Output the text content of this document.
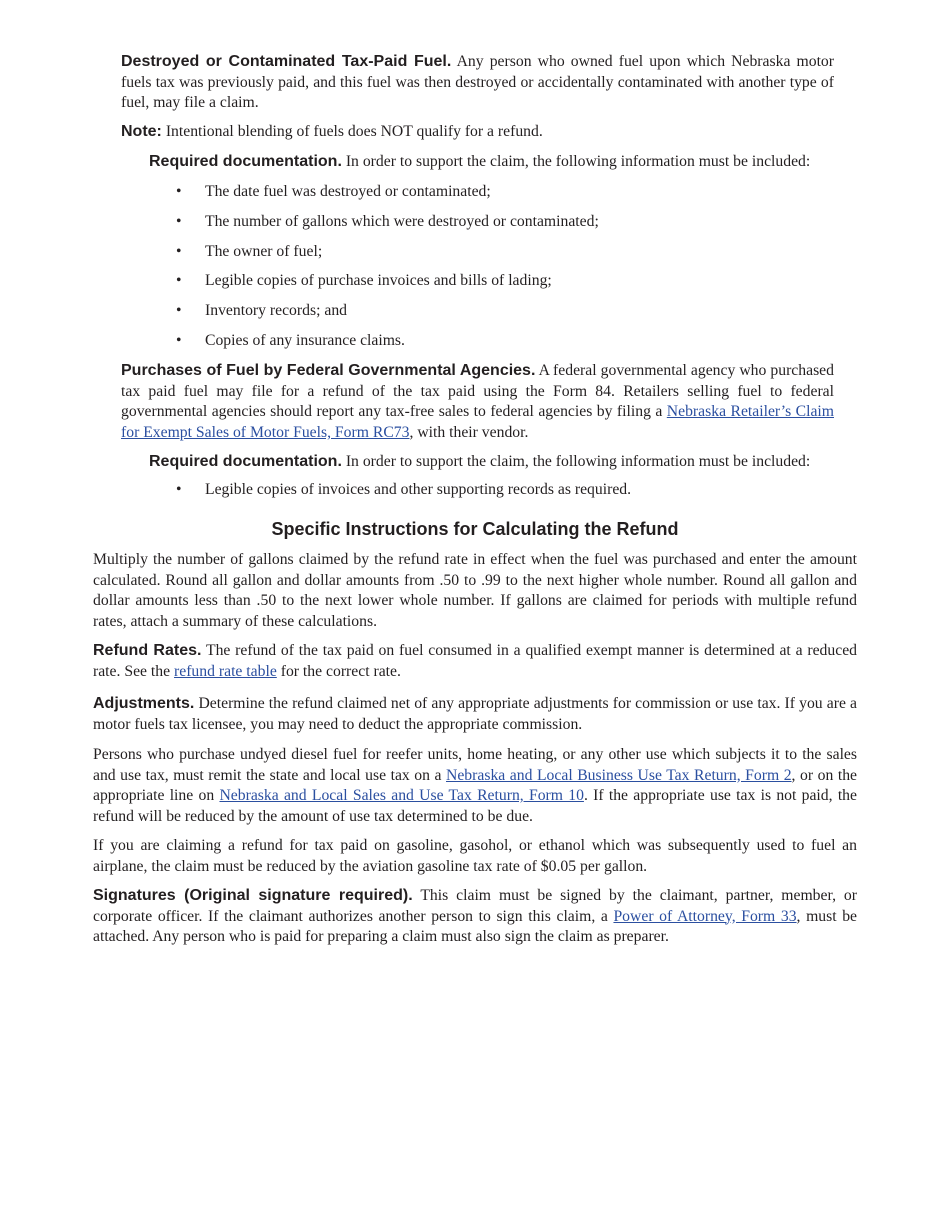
Destroyed or Contaminated Tax-Paid Fuel. Any person who owned fuel upon which Nebraska motor fuels tax was previously paid, and this fuel was then destroyed or accidentally contaminated with another type of fuel, may file a claim.

Note: Intentional blending of fuels does NOT qualify for a refund.

Required documentation. In order to support the claim, the following information must be included:

• The date fuel was destroyed or contaminated;
• The number of gallons which were destroyed or contaminated;
• The owner of fuel;
• Legible copies of purchase invoices and bills of lading;
• Inventory records; and
• Copies of any insurance claims.

Purchases of Fuel by Federal Governmental Agencies. A federal governmental agency who purchased tax paid fuel may file for a refund of the tax paid using the Form 84. Retailers selling fuel to federal governmental agencies should report any tax-free sales to federal agencies by filing a Nebraska Retailer’s Claim for Exempt Sales of Motor Fuels, Form RC73, with their vendor.

Required documentation. In order to support the claim, the following information must be included:

• Legible copies of invoices and other supporting records as required.
Specific Instructions for Calculating the Refund

Multiply the number of gallons claimed by the refund rate in effect when the fuel was purchased and enter the amount calculated. Round all gallon and dollar amounts from .50 to .99 to the next higher whole number. Round all gallon and dollar amounts less than .50 to the next lower whole number. If gallons are claimed for periods with multiple refund rates, attach a summary of these calculations.

Refund Rates. The refund of the tax paid on fuel consumed in a qualified exempt manner is determined at a reduced rate. See the refund rate table for the correct rate.

Adjustments. Determine the refund claimed net of any appropriate adjustments for commission or use tax. If you are a motor fuels tax licensee, you may need to deduct the appropriate commission.

Persons who purchase undyed diesel fuel for reefer units, home heating, or any other use which subjects it to the sales and use tax, must remit the state and local use tax on a Nebraska and Local Business Use Tax Return, Form 2, or on the appropriate line on Nebraska and Local Sales and Use Tax Return, Form 10. If the appropriate use tax is not paid, the refund will be reduced by the amount of use tax determined to be due.

If you are claiming a refund for tax paid on gasoline, gasohol, or ethanol which was subsequently used to fuel an airplane, the claim must be reduced by the aviation gasoline tax rate of $0.05 per gallon.

Signatures (Original signature required). This claim must be signed by the claimant, partner, member, or corporate officer. If the claimant authorizes another person to sign this claim, a Power of Attorney, Form 33, must be attached. Any person who is paid for preparing a claim must also sign the claim as preparer.
